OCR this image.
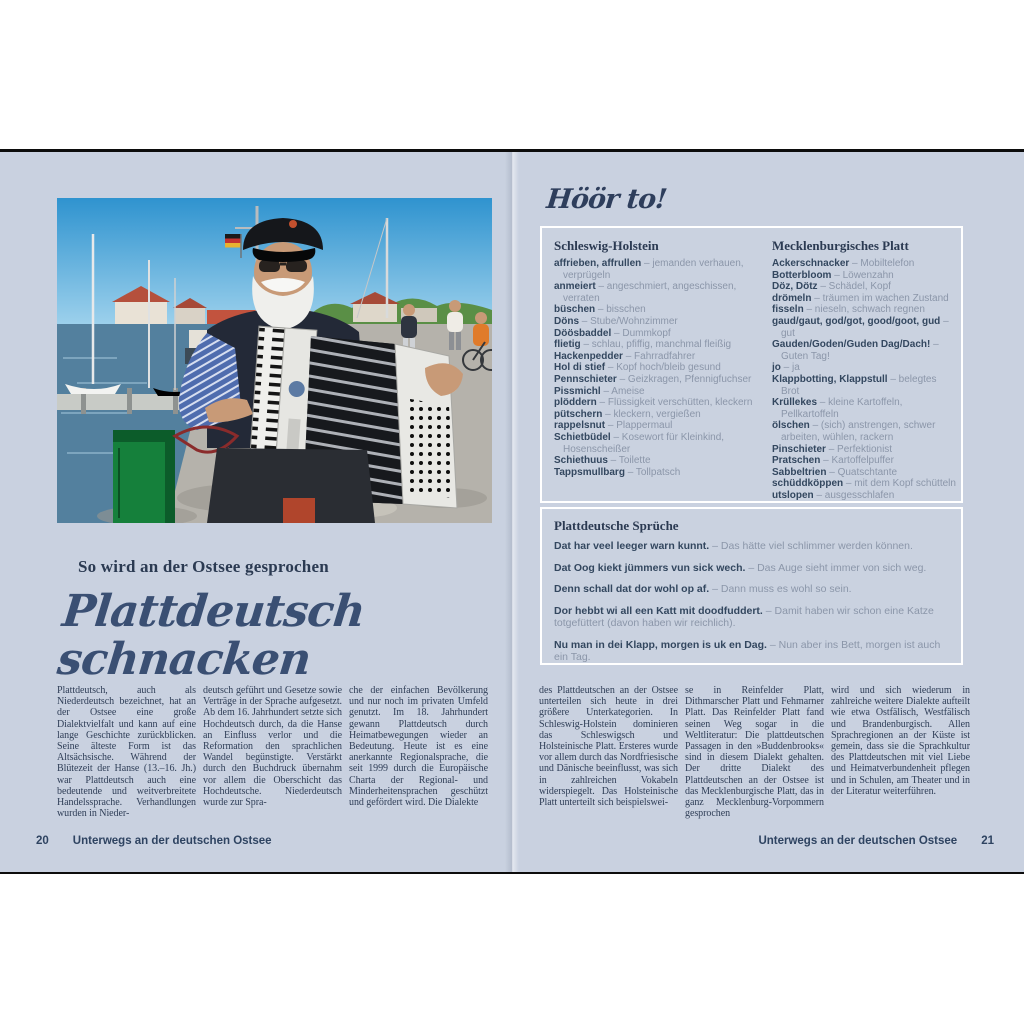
So wird an der Ostsee gesprochen
Plattdeutsch schnacken
Plattdeutsch, auch als Niederdeutsch bezeichnet, hat an der Ostsee eine große Dialektvielfalt und kann auf eine lange Geschichte zurückblicken. Seine älteste Form ist das Altsächsische. Während der Blütezeit der Hanse (13.–16. Jh.) war Plattdeutsch auch eine bedeutende und weitverbreitete Handelssprache. Verhandlungen wurden in Nieder-
deutsch geführt und Gesetze sowie Verträge in der Sprache aufgesetzt. Ab dem 16. Jahrhundert setzte sich Hochdeutsch durch, da die Hanse an Einfluss verlor und die Reformation den sprachlichen Wandel begünstigte. Verstärkt durch den Buchdruck übernahm vor allem die Oberschicht das Hochdeutsche. Niederdeutsch wurde zur Spra-
che der einfachen Bevölkerung und nur noch im privaten Umfeld genutzt. Im 18. Jahrhundert gewann Plattdeutsch durch Heimatbewegungen wieder an Bedeutung. Heute ist es eine anerkannte Regionalsprache, die seit 1999 durch die Europäische Charta der Regional- und Minderheitensprachen geschützt und gefördert wird. Die Dialekte
20 Unterwegs an der deutschen Ostsee
Höör to!
Schleswig-Holstein
affrieben, affrullen – jemanden verhauen, verprügeln
anmeiert – angeschmiert, angeschissen, verraten
büschen – bisschen
Döns – Stube/Wohnzimmer
Döösbaddel – Dummkopf
flietig – schlau, pfiffig, manchmal fleißig
Hackenpedder – Fahrradfahrer
Hol di stief – Kopf hoch/bleib gesund
Pennschieter – Geizkragen, Pfennigfuchser
Pissmichl – Ameise
plöddern – Flüssigkeit verschütten, kleckern
pütschern – kleckern, vergießen
rappelsnut – Plappermaul
Schietbüdel – Kosewort für Kleinkind, Hosenscheißer
Schiethuus – Toilette
Tappsmullbarg – Tollpatsch
Mecklenburgisches Platt
Ackerschnacker – Mobiltelefon
Botterbloom – Löwenzahn
Döz, Dötz – Schädel, Kopf
drömeln – träumen im wachen Zustand
fisseln – nieseln, schwach regnen
gaud/gaut, god/got, good/goot, gud – gut
Gauden/Goden/Guden Dag/Dach! – Guten Tag!
jo – ja
Klappbotting, Klappstull – belegtes Brot
Krüllekes – kleine Kartoffeln, Pellkartoffeln
ölschen – (sich) anstrengen, schwer arbeiten, wühlen, rackern
Pinschieter – Perfektionist
Pratschen – Kartoffelpuffer
Sabbeltrien – Quatschtante
schüddköppen – mit dem Kopf schütteln
utslopen – ausgesschlafen
Plattdeutsche Sprüche
Dat har veel leeger warn kunnt. – Das hätte viel schlimmer werden können.
Dat Oog kiekt jümmers vun sick wech. – Das Auge sieht immer von sich weg.
Denn schall dat dor wohl op af. – Dann muss es wohl so sein.
Dor hebbt wi all een Katt mit doodfuddert. – Damit haben wir schon eine Katze totgefüttert (davon haben wir reichlich).
Nu man in dei Klapp, morgen is uk en Dag. – Nun aber ins Bett, morgen ist auch ein Tag.
des Plattdeutschen an der Ostsee unterteilen sich heute in drei größere Unterkategorien. In Schleswig-Holstein dominieren das Schleswigsch und Holsteinische Platt. Ersteres wurde vor allem durch das Nordfriesische und Dänische beeinflusst, was sich in zahlreichen Vokabeln widerspiegelt. Das Holsteinische Platt unterteilt sich beispielswei-
se in Reinfelder Platt, Dithmarscher Platt und Fehmarner Platt. Das Reinfelder Platt fand seinen Weg sogar in die Weltliteratur: Die plattdeutschen Passagen in den »Buddenbrooks« sind in diesem Dialekt gehalten. Der dritte Dialekt des Plattdeutschen an der Ostsee ist das Mecklenburgische Platt, das in ganz Mecklenburg-Vorpommern gesprochen
wird und sich wiederum in zahlreiche weitere Dialekte aufteilt wie etwa Ostfälisch, Westfälisch und Brandenburgisch. Allen Sprachregionen an der Küste ist gemein, dass sie die Sprachkultur des Plattdeutschen mit viel Liebe und Heimatverbundenheit pflegen und in Schulen, am Theater und in der Literatur weiterführen.
Unterwegs an der deutschen Ostsee 21
